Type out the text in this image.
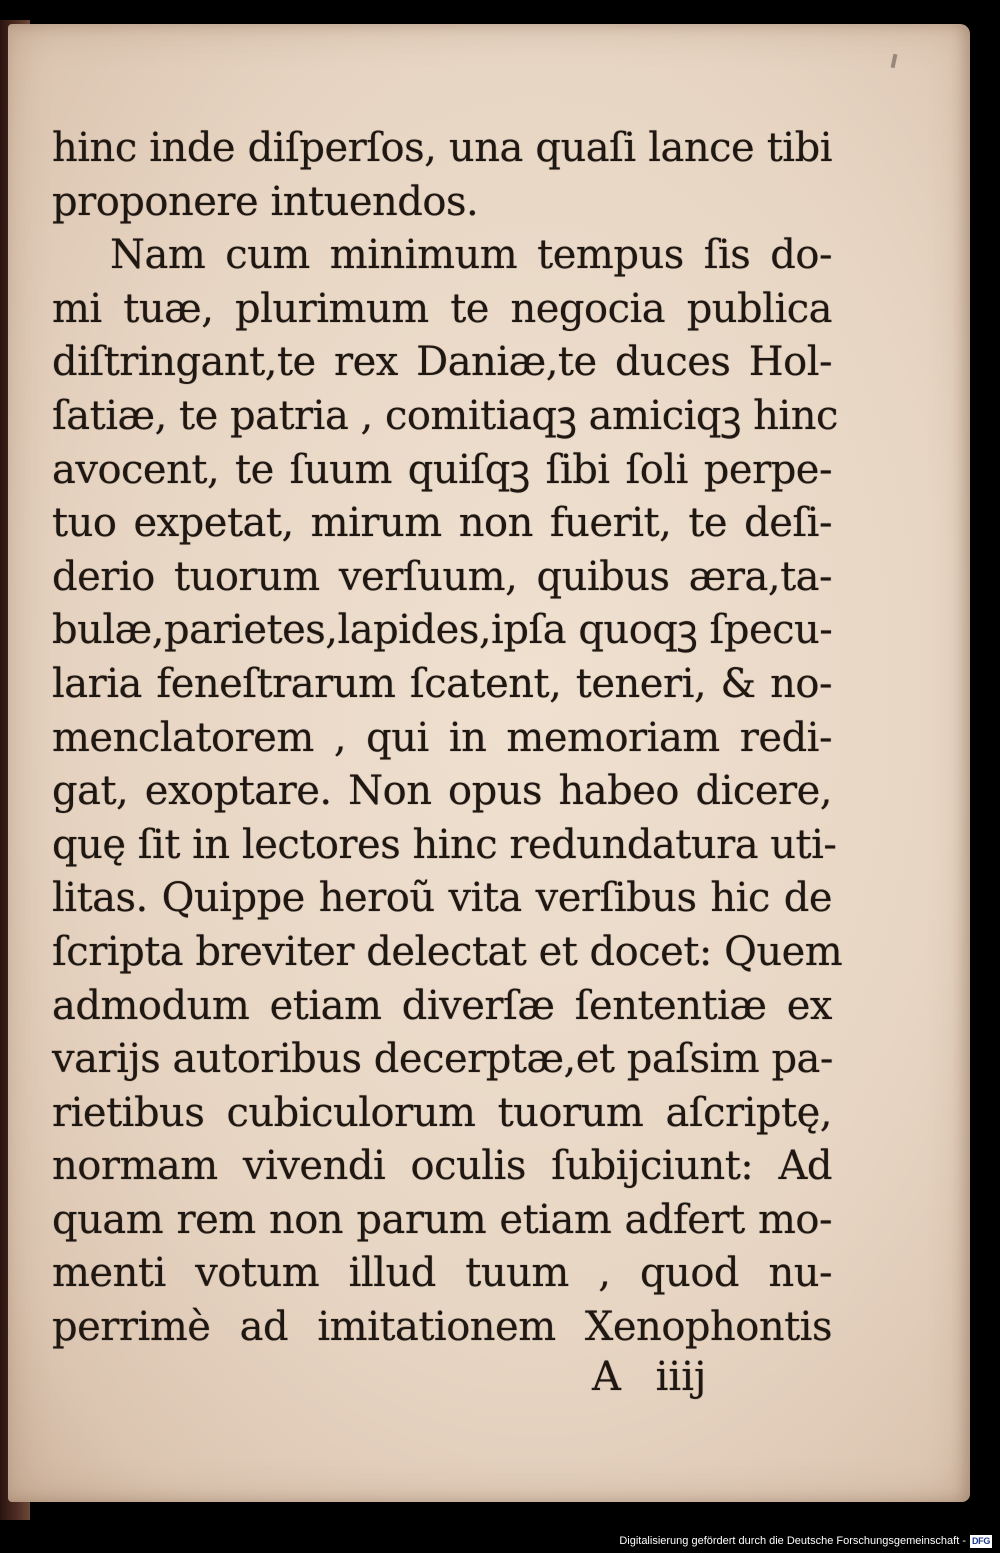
hinc inde diſperſos, una quaſi lance tibi
proponere intuendos.
Nam cum minimum tempus ſis do-
mi tuæ, plurimum te negocia publica
diſtringant,te rex Daniæ,te duces Hol-
ſatiæ, te patria , comitiaqꝫ amiciqꝫ hinc
avocent, te ſuum quiſqꝫ ſibi ſoli perpe-
tuo expetat, mirum non fuerit, te deſi-
derio tuorum verſuum, quibus æra,ta-
bulæ,parietes,lapides,ipſa quoqꝫ ſpecu-
laria feneſtrarum ſcatent, teneri, & no-
menclatorem , qui in memoriam redi-
gat, exoptare. Non opus habeo dicere,
quę ſit in lectores hinc redundatura uti-
litas. Quippe heroũ vita verſibus hic de
ſcripta breviter delectat et docet: Quem
admodum etiam diverſæ ſententiæ ex
varijs autoribus decerptæ,et paſsim pa-
rietibus cubiculorum tuorum aſcriptę,
normam vivendi oculis ſubijciunt: Ad
quam rem non parum etiam adfert mo-
menti votum illud tuum , quod nu-
perrimè ad imitationem Xenophontis
A iiij
Digitalisierung gefördert durch die Deutsche Forschungsgemeinschaft - DFG
